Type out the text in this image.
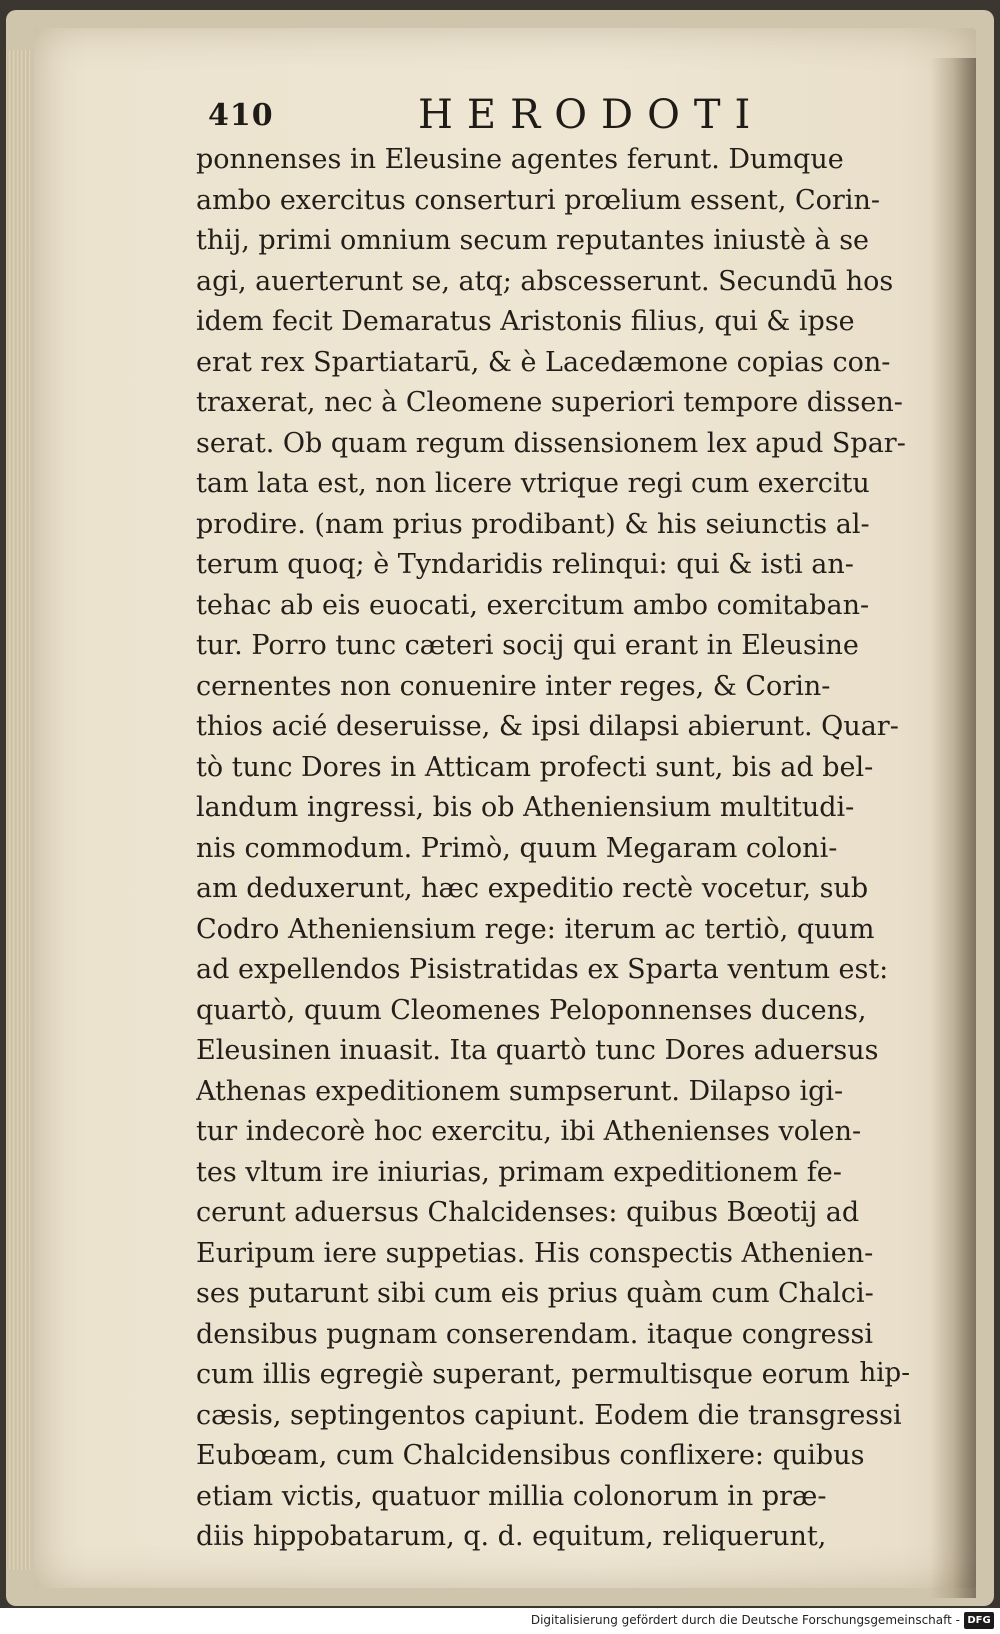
410	HERODOTI
ponnenses in Eleusine agentes ferunt. Dumque
ambo exercitus conserturi prœlium essent, Corin-
thij, primi omnium secum reputantes iniustè à se
agi, auerterunt se, atq; abscesserunt. Secundū hos
idem fecit Demaratus Aristonis filius, qui & ipse
erat rex Spartiatarū, & è Lacedæmone copias con-
traxerat, nec à Cleomene superiori tempore dissen-
serat. Ob quam regum dissensionem lex apud Spar-
tam lata est, non licere vtrique regi cum exercitu
prodire. (nam prius prodibant) & his seiunctis al-
terum quoq; è Tyndaridis relinqui: qui & isti an-
tehac ab eis euocati, exercitum ambo comitaban-
tur. Porro tunc cæteri socij qui erant in Eleusine
cernentes non conuenire inter reges, & Corin-
thios acié deseruisse, & ipsi dilapsi abierunt. Quar-
tò tunc Dores in Atticam profecti sunt, bis ad bel-
landum ingressi, bis ob Atheniensium multitudi-
nis commodum. Primò, quum Megaram coloni-
am deduxerunt, hæc expeditio rectè vocetur, sub
Codro Atheniensium rege: iterum ac tertiò, quum
ad expellendos Pisistratidas ex Sparta ventum est:
quartò, quum Cleomenes Peloponnenses ducens,
Eleusinen inuasit. Ita quartò tunc Dores aduersus
Athenas expeditionem sumpserunt. Dilapso igi-
tur indecorè hoc exercitu, ibi Athenienses volen-
tes vltum ire iniurias, primam expeditionem fe-
cerunt aduersus Chalcidenses: quibus Bœotij ad
Euripum iere suppetias. His conspectis Athenien-
ses putarunt sibi cum eis prius quàm cum Chalci-
densibus pugnam conserendam. itaque congressi
cum illis egregiè superant, permultisque eorum
cæsis, septingentos capiunt. Eodem die transgressi
Eubœam, cum Chalcidensibus conflixere: quibus
etiam victis, quatuor millia colonorum in præ-
diis hippobatarum, q. d. equitum, reliquerunt,
hip-
Digitalisierung gefördert durch die Deutsche Forschungsgemeinschaft - DFG
